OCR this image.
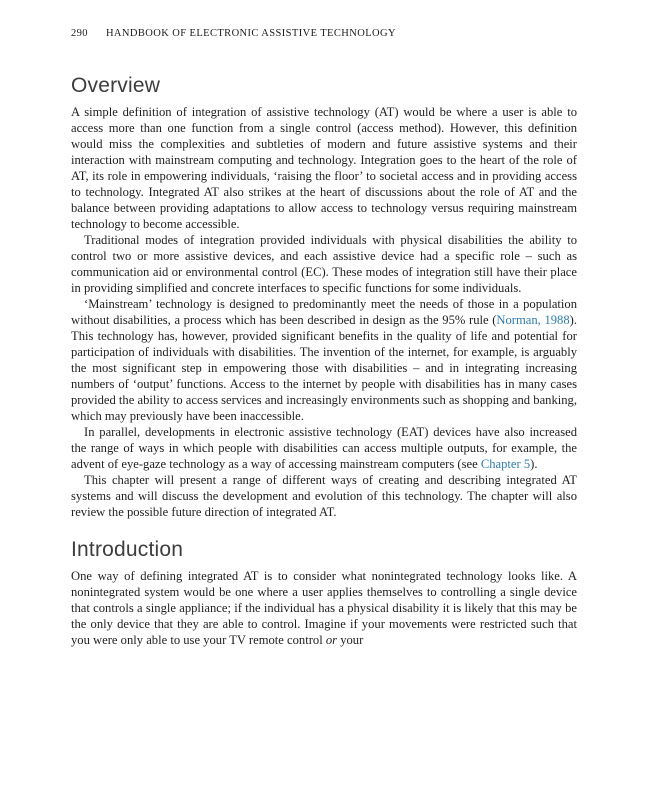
290 HANDBOOK OF ELECTRONIC ASSISTIVE TECHNOLOGY
Overview

A simple definition of integration of assistive technology (AT) would be where a user is able to access more than one function from a single control (access method). However, this definition would miss the complexities and subtleties of modern and future assistive systems and their interaction with mainstream computing and technology. Integration goes to the heart of the role of AT, its role in empowering individuals, ‘raising the floor’ to societal access and in providing access to technology. Integrated AT also strikes at the heart of discussions about the role of AT and the balance between providing adaptations to allow access to technology versus requiring mainstream technology to become accessible.

Traditional modes of integration provided individuals with physical disabilities the ability to control two or more assistive devices, and each assistive device had a specific role – such as communication aid or environmental control (EC). These modes of integration still have their place in providing simplified and concrete interfaces to specific functions for some individuals.

‘Mainstream’ technology is designed to predominantly meet the needs of those in a population without disabilities, a process which has been described in design as the 95% rule (Norman, 1988). This technology has, however, provided significant benefits in the quality of life and potential for participation of individuals with disabilities. The invention of the internet, for example, is arguably the most significant step in empowering those with disabilities – and in integrating increasing numbers of ‘output’ functions. Access to the internet by people with disabilities has in many cases provided the ability to access services and increasingly environments such as shopping and banking, which may previously have been inaccessible.

In parallel, developments in electronic assistive technology (EAT) devices have also increased the range of ways in which people with disabilities can access multiple outputs, for example, the advent of eye-gaze technology as a way of accessing mainstream computers (see Chapter 5).

This chapter will present a range of different ways of creating and describing integrated AT systems and will discuss the development and evolution of this technology. The chapter will also review the possible future direction of integrated AT.

Introduction

One way of defining integrated AT is to consider what nonintegrated technology looks like. A nonintegrated system would be one where a user applies themselves to controlling a single device that controls a single appliance; if the individual has a physical disability it is likely that this may be the only device that they are able to control. Imagine if your movements were restricted such that you were only able to use your TV remote control or your
